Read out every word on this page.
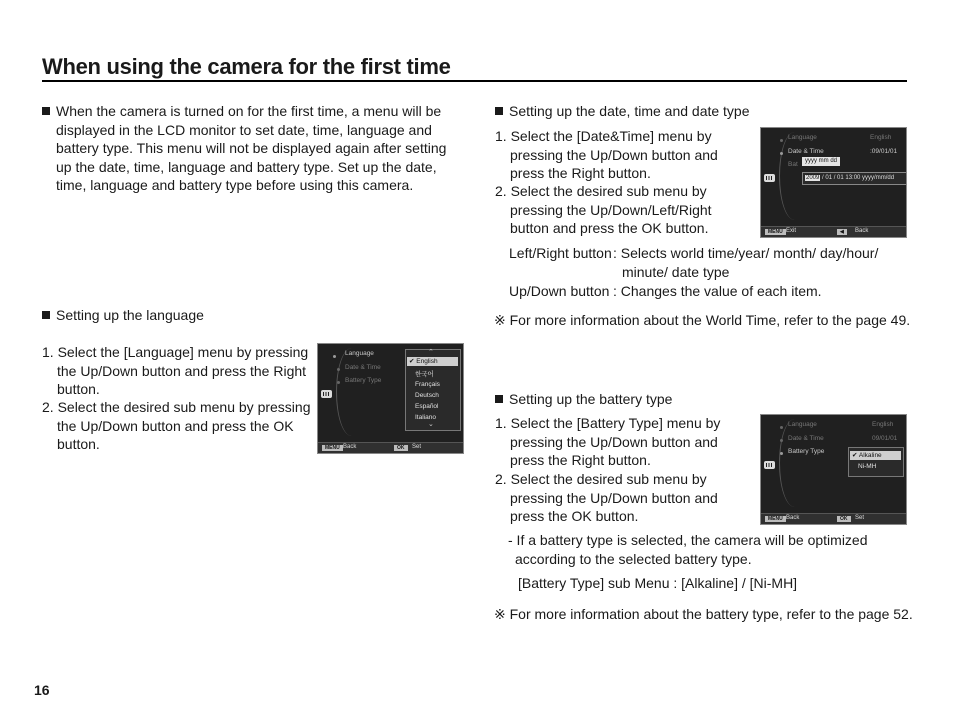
When using the camera for the first time
When the camera is turned on for the first time, a menu will be displayed in the LCD monitor to set date, time, language and battery type. This menu will not be displayed again after setting up the date, time, language and battery type. Set up the date, time, language and battery type before using this camera.
Setting up the language
1. Select the [Language] menu by pressing the Up/Down button and press the Right button.
2. Select the desired sub menu by pressing the Up/Down button and press the OK button.
Language
Date & Time
Battery Type
⌃
✔ English
한국어
Français
Deutsch
Español
Italiano
⌄
MENU Back	OK	Set
Setting up the date, time and date type
1. Select the [Date&Time] menu by pressing the Up/Down button and press the Right button.
2. Select the desired sub menu by pressing the Up/Down/Left/Right button and press the OK button.
Left/Right button : Selects world time/year/ month/ day/hour/ minute/ date type
Up/Down button : Changes the value of each item.
※ For more information about the World Time, refer to the page 49.
Language	English
Date & Time	:09/01/01
Bat	yyyy mm dd
2009 / 01 / 01 13:00 yyyy/mm/dd
MENU Exit	◀	Back
Setting up the battery type
1. Select the [Battery Type] menu by pressing the Up/Down button and press the Right button.
2. Select the desired sub menu by pressing the Up/Down button and press the OK button.
- If a battery type is selected, the camera will be optimized according to the selected battery type.
[Battery Type] sub Menu : [Alkaline] / [Ni-MH]
※ For more information about the battery type, refer to the page 52.
Language	English
Date & Time	09/01/01
Battery Type
✔ Alkaline
Ni-MH
MENU Back	OK	Set
16
